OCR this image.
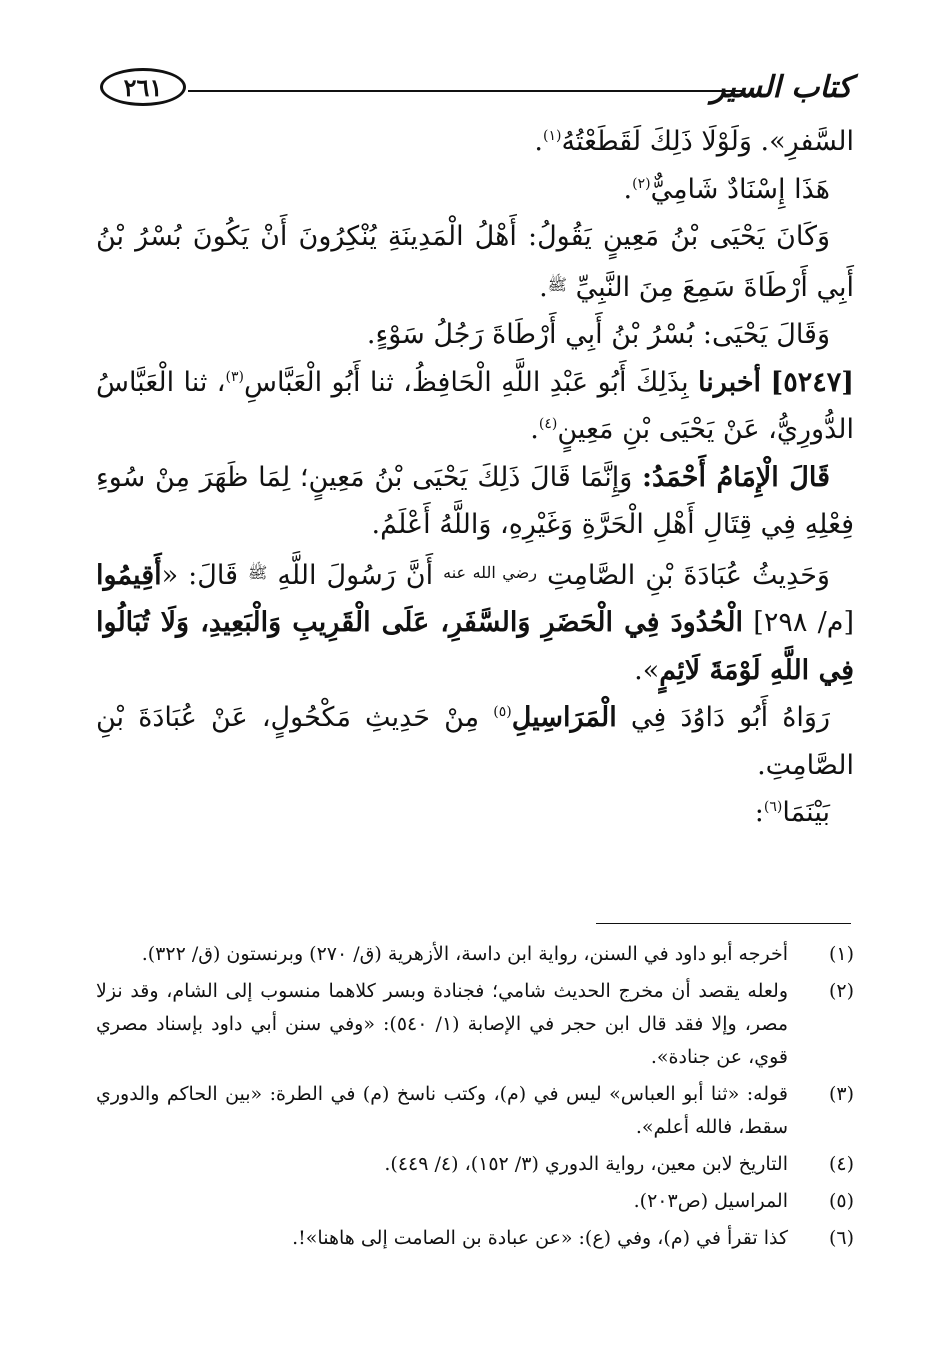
كتاب السير
٢٦١

السَّفرِ». وَلَوْلَا ذَلِكَ لَقَطَعْتُهُ$^{(١)}$.

هَذَا إِسْنَادٌ شَامِيٌّ$^{(٢)}$.

وَكَانَ يَحْيَى بْنُ مَعِينٍ يَقُولُ: أَهْلُ الْمَدِينَةِ يُنْكِرُونَ أَنْ يَكُونَ بُسْرُ بْنُ أَبِي أَرْطَاةَ سَمِعَ مِنَ النَّبِيِّ $^ﷺ$.

وَقَالَ يَحْيَى: بُسْرُ بْنُ أَبِي أَرْطَاةَ رَجُلُ سَوْءٍ.

[٥٢٤٧] أخبرنا بِذَلِكَ أَبُو عَبْدِ اللَّهِ الْحَافِظُ، ثنا أَبُو الْعَبَّاسِ$^{(٣)}$، ثنا الْعَبَّاسُ الدُّورِيُّ، عَنْ يَحْيَى بْنِ مَعِينٍ$^{(٤)}$.

قَالَ الْإِمَامُ أَحْمَدُ: وَإِنَّمَا قَالَ ذَلِكَ يَحْيَى بْنُ مَعِينٍ؛ لِمَا ظَهَرَ مِنْ سُوءِ فِعْلِهِ فِي قِتَالِ أَهْلِ الْحَرَّةِ وَغَيْرِهِ، وَاللَّهُ أَعْلَمُ.

وَحَدِيثُ عُبَادَةَ بْنِ الصَّامِتِ $^{رضي الله عنه}$ أَنَّ رَسُولَ اللَّهِ $^ﷺ$ قَالَ: «أَقِيمُوا [م/ ٢٩٨] الْحُدُودَ فِي الْحَضَرِ وَالسَّفَرِ، عَلَى الْقَرِيبِ وَالْبَعِيدِ، وَلَا تُبَالُوا فِي اللَّهِ لَوْمَةَ لَائِمٍ».

رَوَاهُ أَبُو دَاوُدَ فِي الْمَرَاسِيلِ$^{(٥)}$ مِنْ حَدِيثِ مَكْحُولٍ، عَنْ عُبَادَةَ بْنِ الصَّامِتِ.

بَيْنَمَا$^{(٦)}$:

(١)
أخرجه أبو داود في السنن، رواية ابن داسة، الأزهرية (ق/ ٢٧٠) وبرنستون (ق/ ٣٢٢).
(٢)
ولعله يقصد أن مخرج الحديث شامي؛ فجنادة وبسر كلاهما منسوب إلى الشام، وقد نزلا مصر، وإلا فقد قال ابن حجر في الإصابة (١/ ٥٤٠): «وفي سنن أبي داود بإسناد مصري قوي، عن جنادة».
(٣)
قوله: «ثنا أبو العباس» ليس في (م)، وكتب ناسخ (م) في الطرة: «بين الحاكم والدوري سقط، فالله أعلم».
(٤)
التاريخ لابن معين، رواية الدوري (٣/ ١٥٢)، (٤/ ٤٤٩).
(٥)
المراسيل (ص٢٠٣).
(٦)
كذا تقرأ في (م)، وفي (ع): «عن عبادة بن الصامت إلى هاهنا»!.
